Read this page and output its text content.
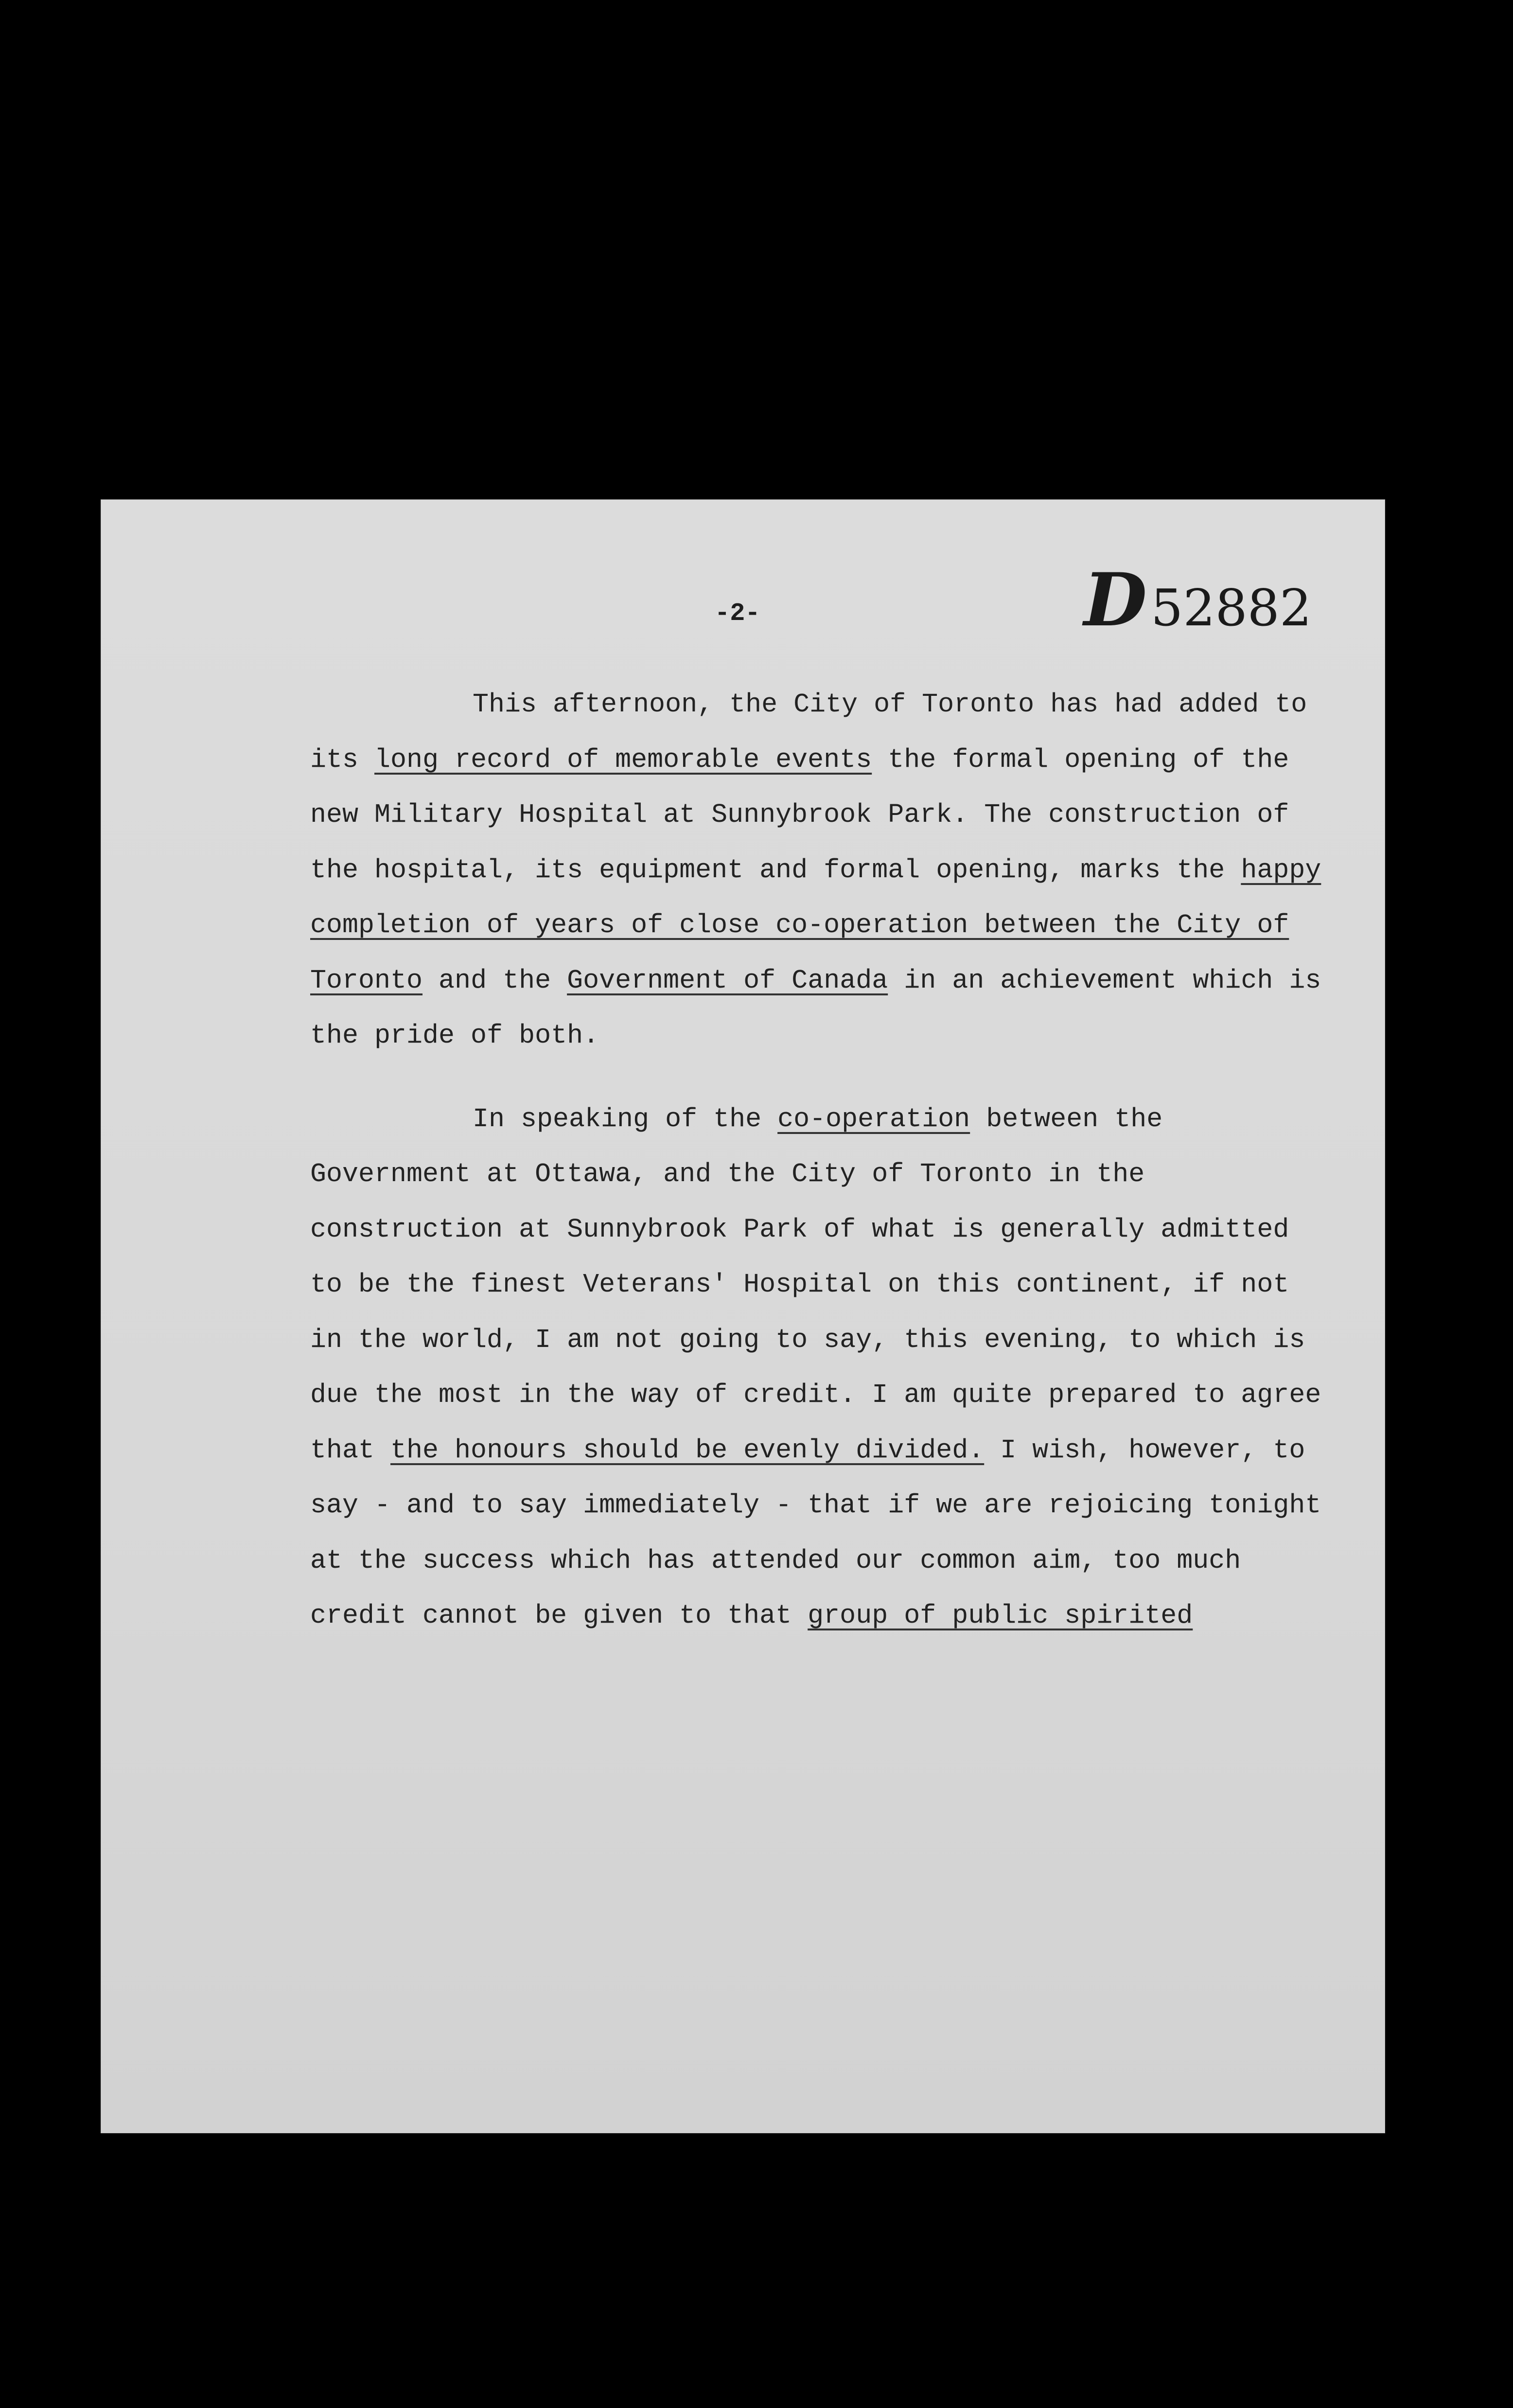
D 52882
-2-

This afternoon, the City of Toronto has had added to its long record of memorable events the formal opening of the new Military Hospital at Sunnybrook Park. The construction of the hospital, its equipment and formal opening, marks the happy completion of years of close co-operation between the City of Toronto and the Government of Canada in an achievement which is the pride of both.

In speaking of the co-operation between the Government at Ottawa, and the City of Toronto in the construction at Sunnybrook Park of what is generally admitted to be the finest Veterans' Hospital on this continent, if not in the world, I am not going to say, this evening, to which is due the most in the way of credit. I am quite prepared to agree that the honours should be evenly divided. I wish, however, to say - and to say immediately - that if we are rejoicing tonight at the success which has attended our common aim, too much credit cannot be given to that group of public spirited
